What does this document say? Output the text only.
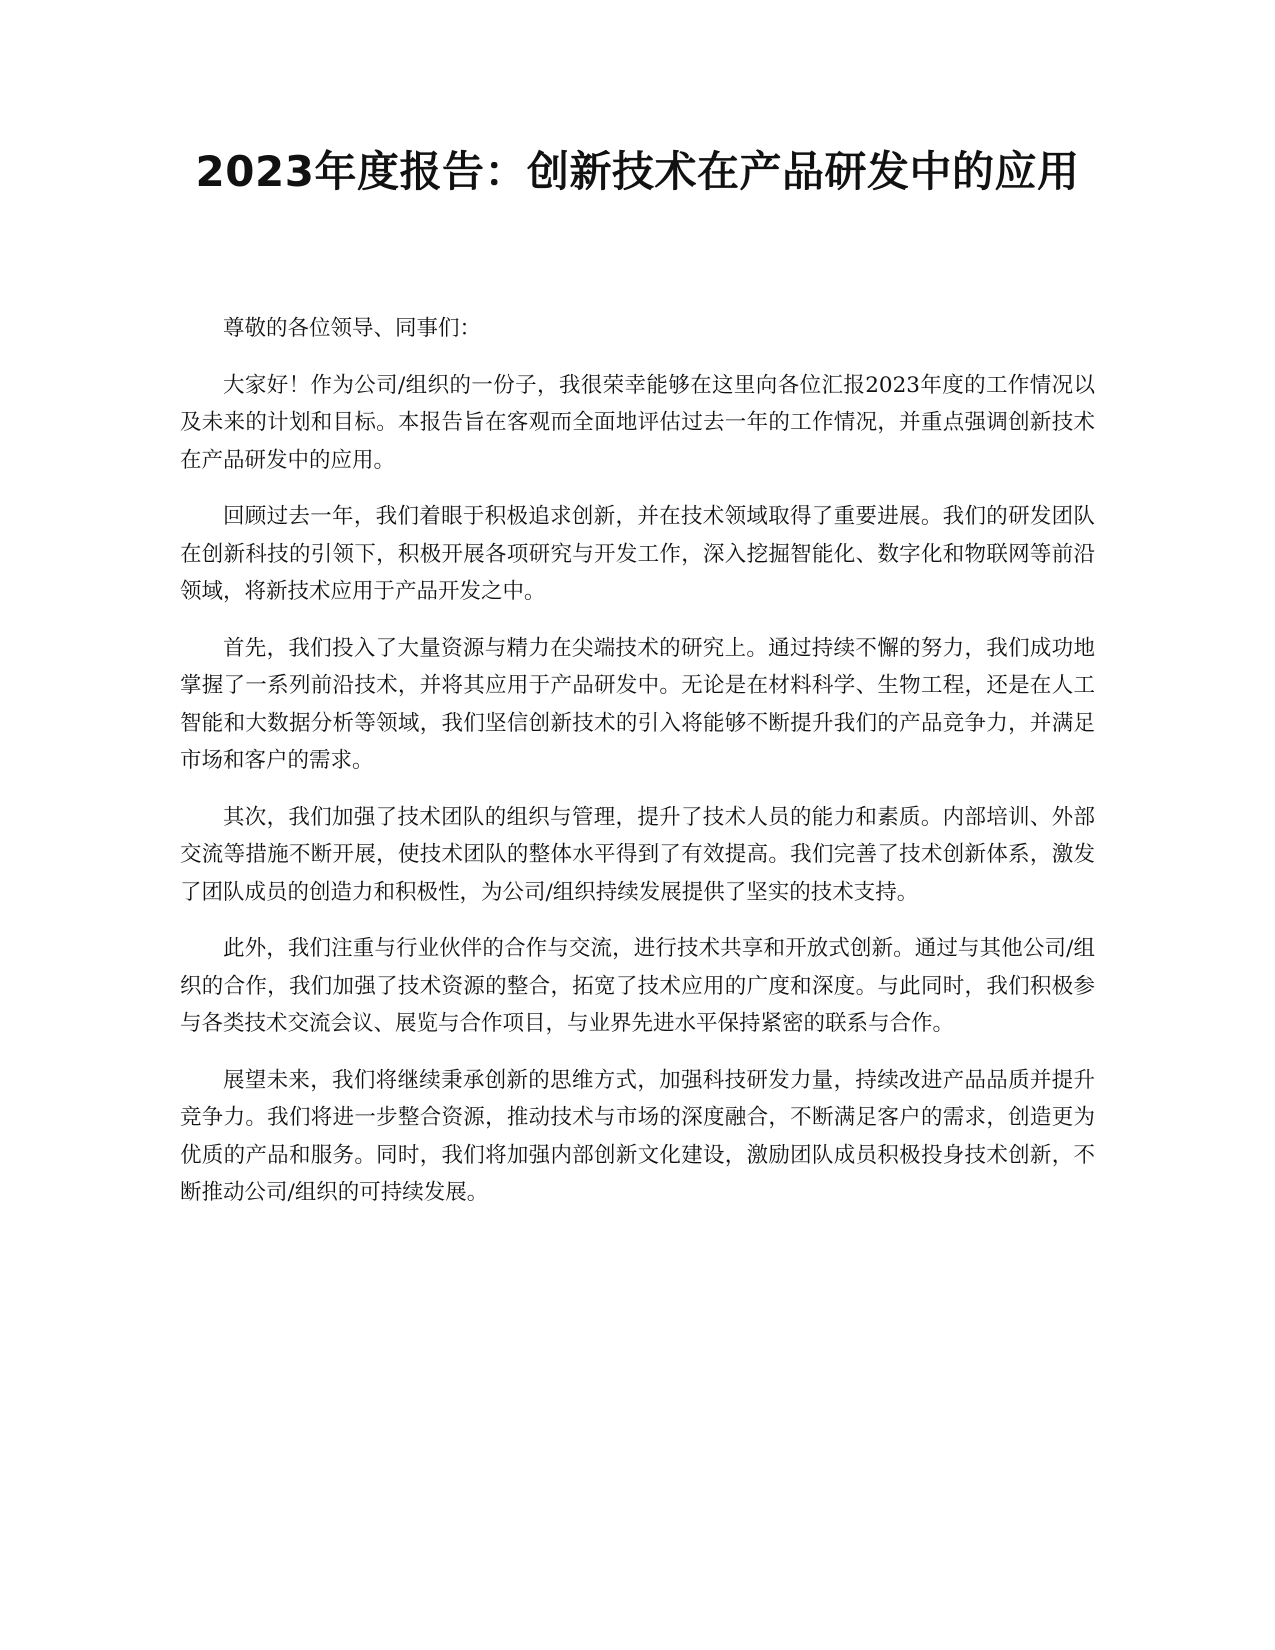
2023年度报告：创新技术在产品研发中的应用

尊敬的各位领导、同事们：

大家好！作为公司/组织的一份子，我很荣幸能够在这里向各位汇报2023年度的工作情况以及未来的计划和目标。本报告旨在客观而全面地评估过去一年的工作情况，并重点强调创新技术在产品研发中的应用。

回顾过去一年，我们着眼于积极追求创新，并在技术领域取得了重要进展。我们的研发团队在创新科技的引领下，积极开展各项研究与开发工作，深入挖掘智能化、数字化和物联网等前沿领域，将新技术应用于产品开发之中。

首先，我们投入了大量资源与精力在尖端技术的研究上。通过持续不懈的努力，我们成功地掌握了一系列前沿技术，并将其应用于产品研发中。无论是在材料科学、生物工程，还是在人工智能和大数据分析等领域，我们坚信创新技术的引入将能够不断提升我们的产品竞争力，并满足市场和客户的需求。

其次，我们加强了技术团队的组织与管理，提升了技术人员的能力和素质。内部培训、外部交流等措施不断开展，使技术团队的整体水平得到了有效提高。我们完善了技术创新体系，激发了团队成员的创造力和积极性，为公司/组织持续发展提供了坚实的技术支持。

此外，我们注重与行业伙伴的合作与交流，进行技术共享和开放式创新。通过与其他公司/组织的合作，我们加强了技术资源的整合，拓宽了技术应用的广度和深度。与此同时，我们积极参与各类技术交流会议、展览与合作项目，与业界先进水平保持紧密的联系与合作。

展望未来，我们将继续秉承创新的思维方式，加强科技研发力量，持续改进产品品质并提升竞争力。我们将进一步整合资源，推动技术与市场的深度融合，不断满足客户的需求，创造更为优质的产品和服务。同时，我们将加强内部创新文化建设，激励团队成员积极投身技术创新，不断推动公司/组织的可持续发展。
